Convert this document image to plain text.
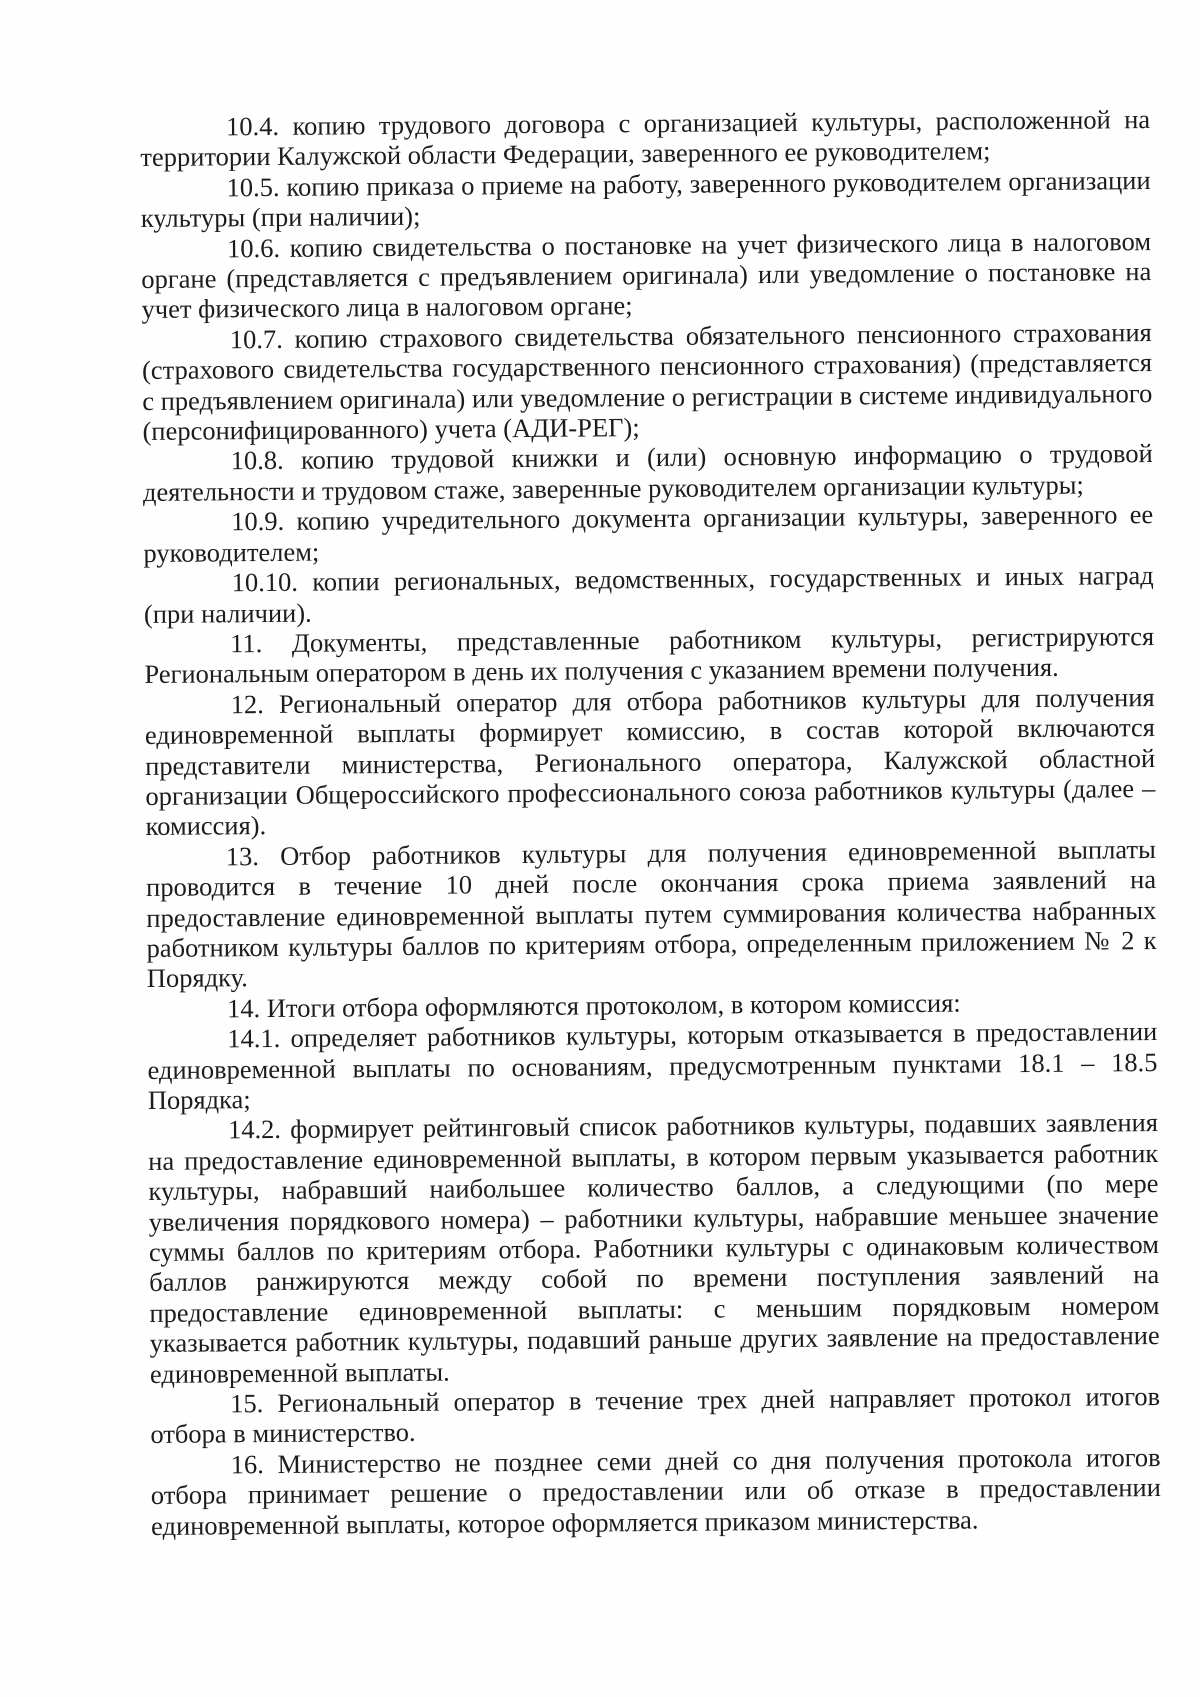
10.4. копию трудового договора с организацией культуры, расположенной на территории Калужской области Федерации, заверенного ее руководителем;

10.5. копию приказа о приеме на работу, заверенного руководителем организации культуры (при наличии);

10.6. копию свидетельства о постановке на учет физического лица в налоговом органе (представляется с предъявлением оригинала) или уведомление о постановке на учет физического лица в налоговом органе;

10.7. копию страхового свидетельства обязательного пенсионного страхования (страхового свидетельства государственного пенсионного страхования) (представляется с предъявлением оригинала) или уведомление о регистрации в системе индивидуального (персонифицированного) учета (АДИ-РЕГ);

10.8. копию трудовой книжки и (или) основную информацию о трудовой деятельности и трудовом стаже, заверенные руководителем организации культуры;

10.9. копию учредительного документа организации культуры, заверенного ее руководителем;

10.10. копии региональных, ведомственных, государственных и иных наград (при наличии).

11. Документы, представленные работником культуры, регистрируются Региональным оператором в день их получения с указанием времени получения.

12. Региональный оператор для отбора работников культуры для получения единовременной выплаты формирует комиссию, в состав которой включаются представители министерства, Регионального оператора, Калужской областной организации Общероссийского профессионального союза работников культуры (далее – комиссия).

13. Отбор работников культуры для получения единовременной выплаты проводится в течение 10 дней после окончания срока приема заявлений на предоставление единовременной выплаты путем суммирования количества набранных работником культуры баллов по критериям отбора, определенным приложением № 2 к Порядку.

14. Итоги отбора оформляются протоколом, в котором комиссия:

14.1. определяет работников культуры, которым отказывается в предоставлении единовременной выплаты по основаниям, предусмотренным пунктами 18.1 – 18.5 Порядка;

14.2. формирует рейтинговый список работников культуры, подавших заявления на предоставление единовременной выплаты, в котором первым указывается работник культуры, набравший наибольшее количество баллов, а следующими (по мере увеличения порядкового номера) – работники культуры, набравшие меньшее значение суммы баллов по критериям отбора. Работники культуры с одинаковым количеством баллов ранжируются между собой по времени поступления заявлений на предоставление единовременной выплаты: с меньшим порядковым номером указывается работник культуры, подавший раньше других заявление на предоставление единовременной выплаты.

15. Региональный оператор в течение трех дней направляет протокол итогов отбора в министерство.

16. Министерство не позднее семи дней со дня получения протокола итогов отбора принимает решение о предоставлении или об отказе в предоставлении единовременной выплаты, которое оформляется приказом министерства.
